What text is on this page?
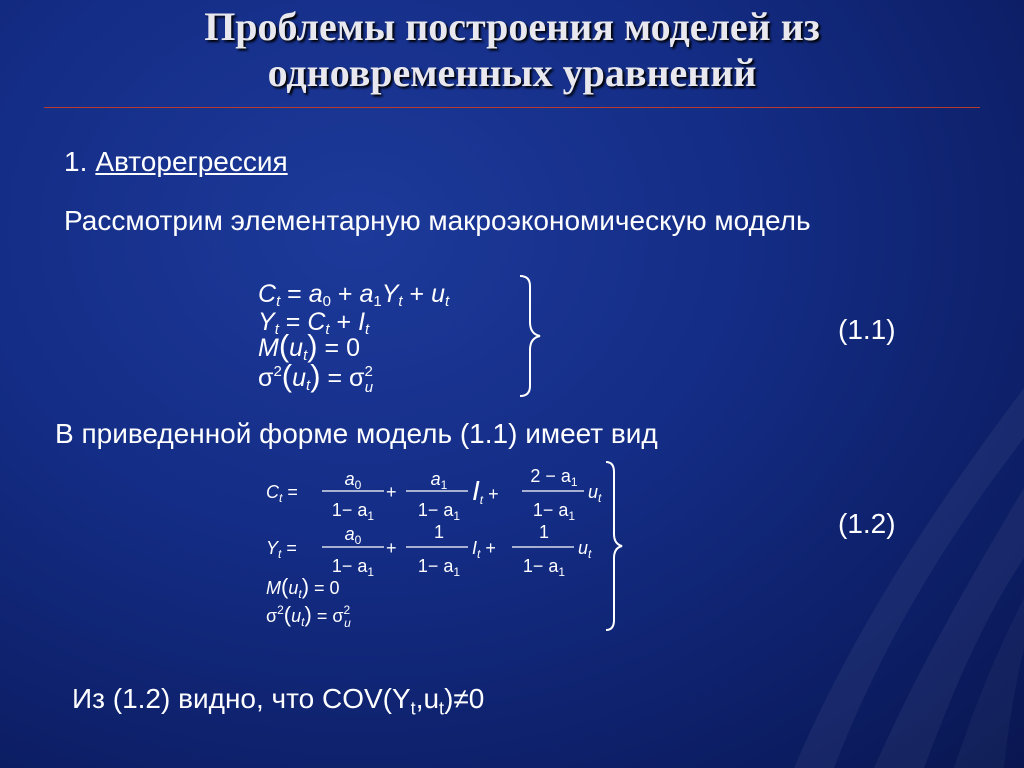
Проблемы построения моделей из
одновременных уравнений
1. Авторегрессия
Рассмотрим элементарную макроэкономическую модель
Ct = a0 + a1Yt + ut
Yt = Ct + It
M(ut) = 0
$\sigma^2(ut) = \sigma^2$ u
(1.1)
В приведенной форме модель (1.1) имеет вид
$C_t$ =
$a_0$
$1- a_1$
+
$a_1$
$1- a_1$
$I_t$ +
$2 - a_1$
$1- a_1$
$u_t$
$Y_t$ =
$a_0$
$1- a_1$
+
1
$1- a_1$
$I_t$ +
1
$1- a_1$
$u_t$
$M(u_t) = 0$
$\sigma^2(u_t) = \sigma^2$ u
(1.2)
Из (1.2) видно, что $COV(Y_t,u_t)\ne 0$
